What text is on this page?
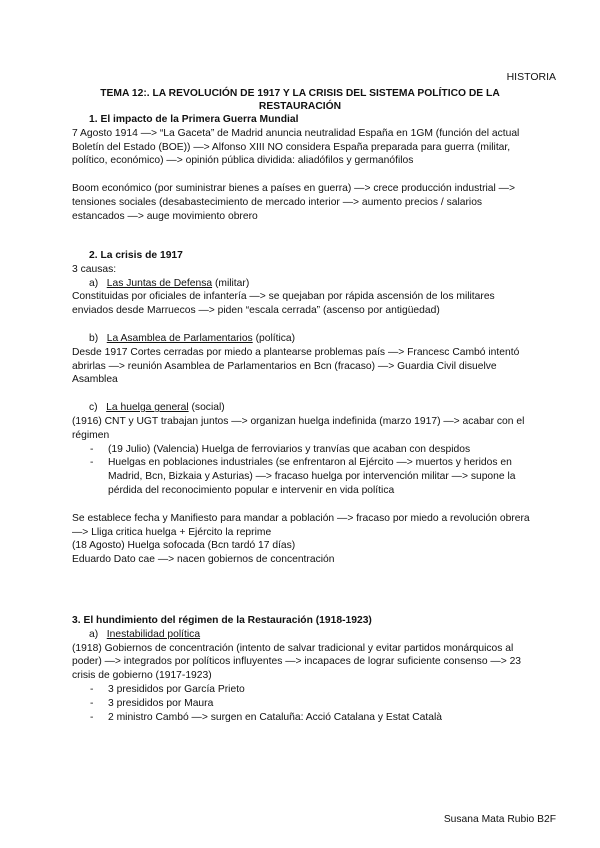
HISTORIA
TEMA 12:. LA REVOLUCIÓN DE 1917 Y LA CRISIS DEL SISTEMA POLÍTICO DE LA
RESTAURACIÓN

1. El impacto de la Primera Guerra Mundial

7 Agosto 1914 —> “La Gaceta” de Madrid anuncia neutralidad España en 1GM (función del actual Boletín del Estado (BOE)) —> Alfonso XIII NO considera España preparada para guerra (militar, político, económico) —> opinión pública dividida: aliadófilos y germanófilos

Boom económico (por suministrar bienes a países en guerra) —> crece producción industrial —> tensiones sociales (desabastecimiento de mercado interior —> aumento precios / salarios estancados —> auge movimiento obrero

2. La crisis de 1917

3 causas:

a) Las Juntas de Defensa (militar)

Constituidas por oficiales de infantería —> se quejaban por rápida ascensión de los militares enviados desde Marruecos —> piden “escala cerrada” (ascenso por antigüedad)

b) La Asamblea de Parlamentarios (política)

Desde 1917 Cortes cerradas por miedo a plantearse problemas país —> Francesc Cambó intentó abrirlas —> reunión Asamblea de Parlamentarios en Bcn (fracaso) —> Guardia Civil disuelve Asamblea

c) La huelga general (social)

(1916) CNT y UGT trabajan juntos —> organizan huelga indefinida (marzo 1917) —> acabar con el régimen

- (19 Julio) (Valencia) Huelga de ferroviarios y tranvías que acaban con despidos
- Huelgas en poblaciones industriales (se enfrentaron al Ejército —> muertos y heridos en Madrid, Bcn, Bizkaia y Asturias) —> fracaso huelga por intervención militar —> supone la pérdida del reconocimiento popular e intervenir en vida política

Se establece fecha y Manifiesto para mandar a población —> fracaso por miedo a revolución obrera —> Lliga critica huelga + Ejército la reprime

(18 Agosto) Huelga sofocada (Bcn tardó 17 días)

Eduardo Dato cae —> nacen gobiernos de concentración

3. El hundimiento del régimen de la Restauración (1918-1923)

a) Inestabilidad política

(1918) Gobiernos de concentración (intento de salvar tradicional y evitar partidos monárquicos al poder) —> integrados por políticos influyentes —> incapaces de lograr suficiente consenso —> 23 crisis de gobierno (1917-1923)

- 3 presididos por García Prieto
- 3 presididos por Maura
- 2 ministro Cambó —> surgen en Cataluña: Acció Catalana y Estat Català
Susana Mata Rubio B2F
